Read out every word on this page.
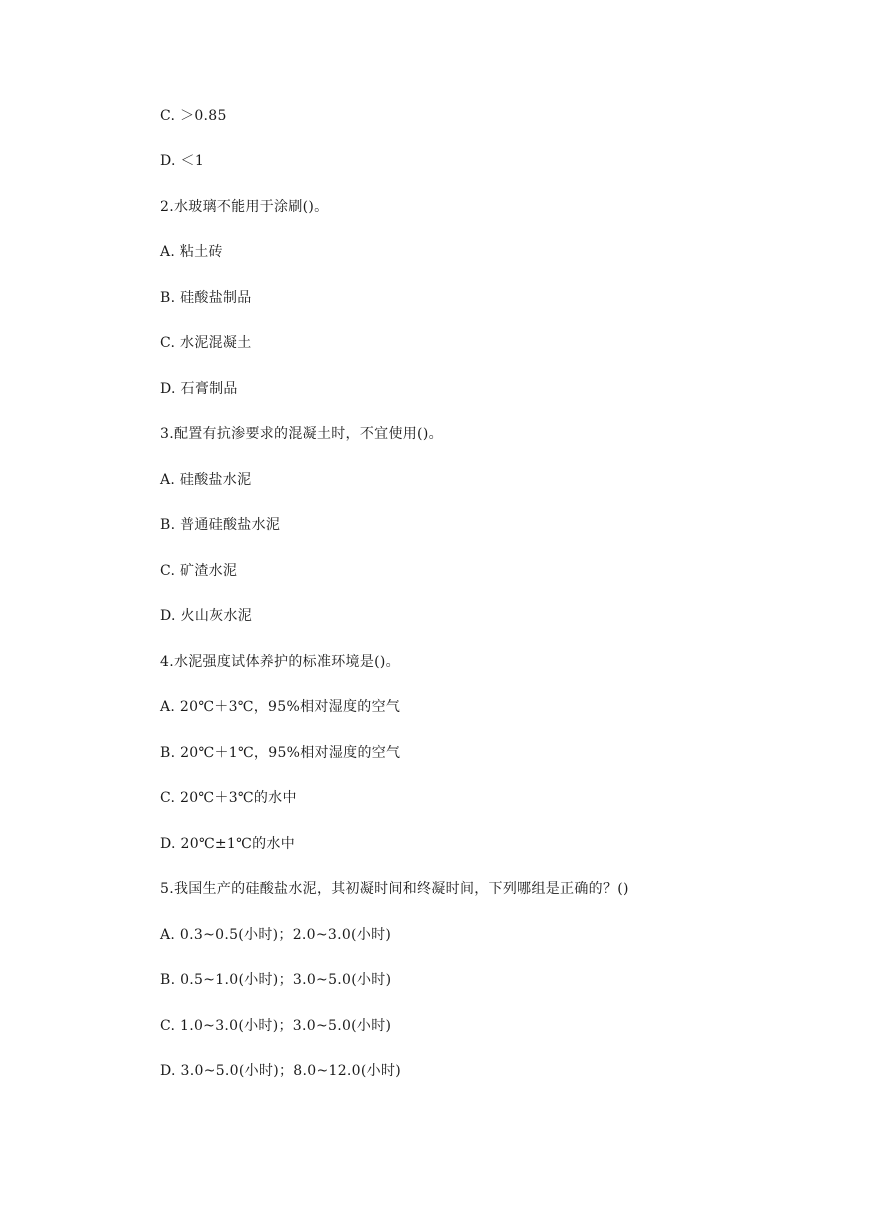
C. ＞0.85
D. ＜1
2.水玻璃不能用于涂刷()。
A. 粘土砖
B. 硅酸盐制品
C. 水泥混凝土
D. 石膏制品
3.配置有抗渗要求的混凝土时，不宜使用()。
A. 硅酸盐水泥
B. 普通硅酸盐水泥
C. 矿渣水泥
D. 火山灰水泥
4.水泥强度试体养护的标准环境是()。
A. 20℃＋3℃，95%相对湿度的空气
B. 20℃＋1℃，95%相对湿度的空气
C. 20℃＋3℃的水中
D. 20℃±1℃的水中
5.我国生产的硅酸盐水泥，其初凝时间和终凝时间，下列哪组是正确的？()
A. 0.3~0.5(小时)；2.0~3.0(小时)
B. 0.5~1.0(小时)；3.0~5.0(小时)
C. 1.0~3.0(小时)；3.0~5.0(小时)
D. 3.0~5.0(小时)；8.0~12.0(小时)
